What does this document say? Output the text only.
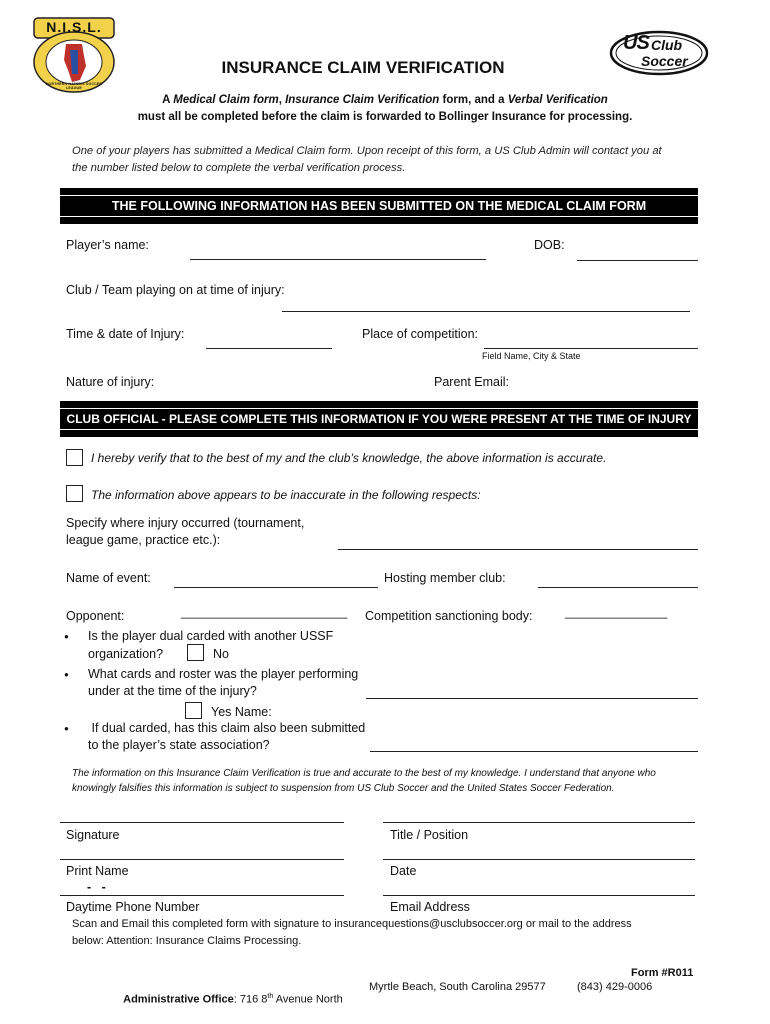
N.I.S.L.
NORTHERN ILLINOIS SOCCER LEAGUE
US Club
Soccer
INSURANCE CLAIM VERIFICATION
A Medical Claim form, Insurance Claim Verification form, and a Verbal Verification
must all be completed before the claim is forwarded to Bollinger Insurance for processing.
One of your players has submitted a Medical Claim form. Upon receipt of this form, a US Club Admin will contact you at
the number listed below to complete the verbal verification process.
THE FOLLOWING INFORMATION HAS BEEN SUBMITTED ON THE MEDICAL CLAIM FORM
Player’s name:	DOB:
Club / Team playing on at time of injury:
Time & date of Injury:	Place of competition:
Field Name, City & State
Nature of injury:	Parent Email:
CLUB OFFICIAL - PLEASE COMPLETE THIS INFORMATION IF YOU WERE PRESENT AT THE TIME OF INJURY
I hereby verify that to the best of my and the club’s knowledge, the above information is accurate.
The information above appears to be inaccurate in the following respects:
Specify where injury occurred (tournament,
league game, practice etc.):
Name of event:	Hosting member club:
Opponent:	__________________________ Competition sanctioning body:	________________
● Is the player dual carded with another USSF
organization?	No
● What cards and roster was the player performing
under at the time of the injury?
Yes Name:
● If dual carded, has this claim also been submitted
to the player’s state association?
The information on this Insurance Claim Verification is true and accurate to the best of my knowledge. I understand that anyone who
knowingly falsifies this information is subject to suspension from US Club Soccer and the United States Soccer Federation.
Signature	Title / Position
Print Name	Date
-   -
Daytime Phone Number	Email Address
Scan and Email this completed form with signature to insurancequestions@usclubsoccer.org or mail to the address
below: Attention: Insurance Claims Processing.
Form #R011

Administrative Office: 716 8th Avenue North

Myrtle Beach, South Carolina 29577	(843) 429-0006
